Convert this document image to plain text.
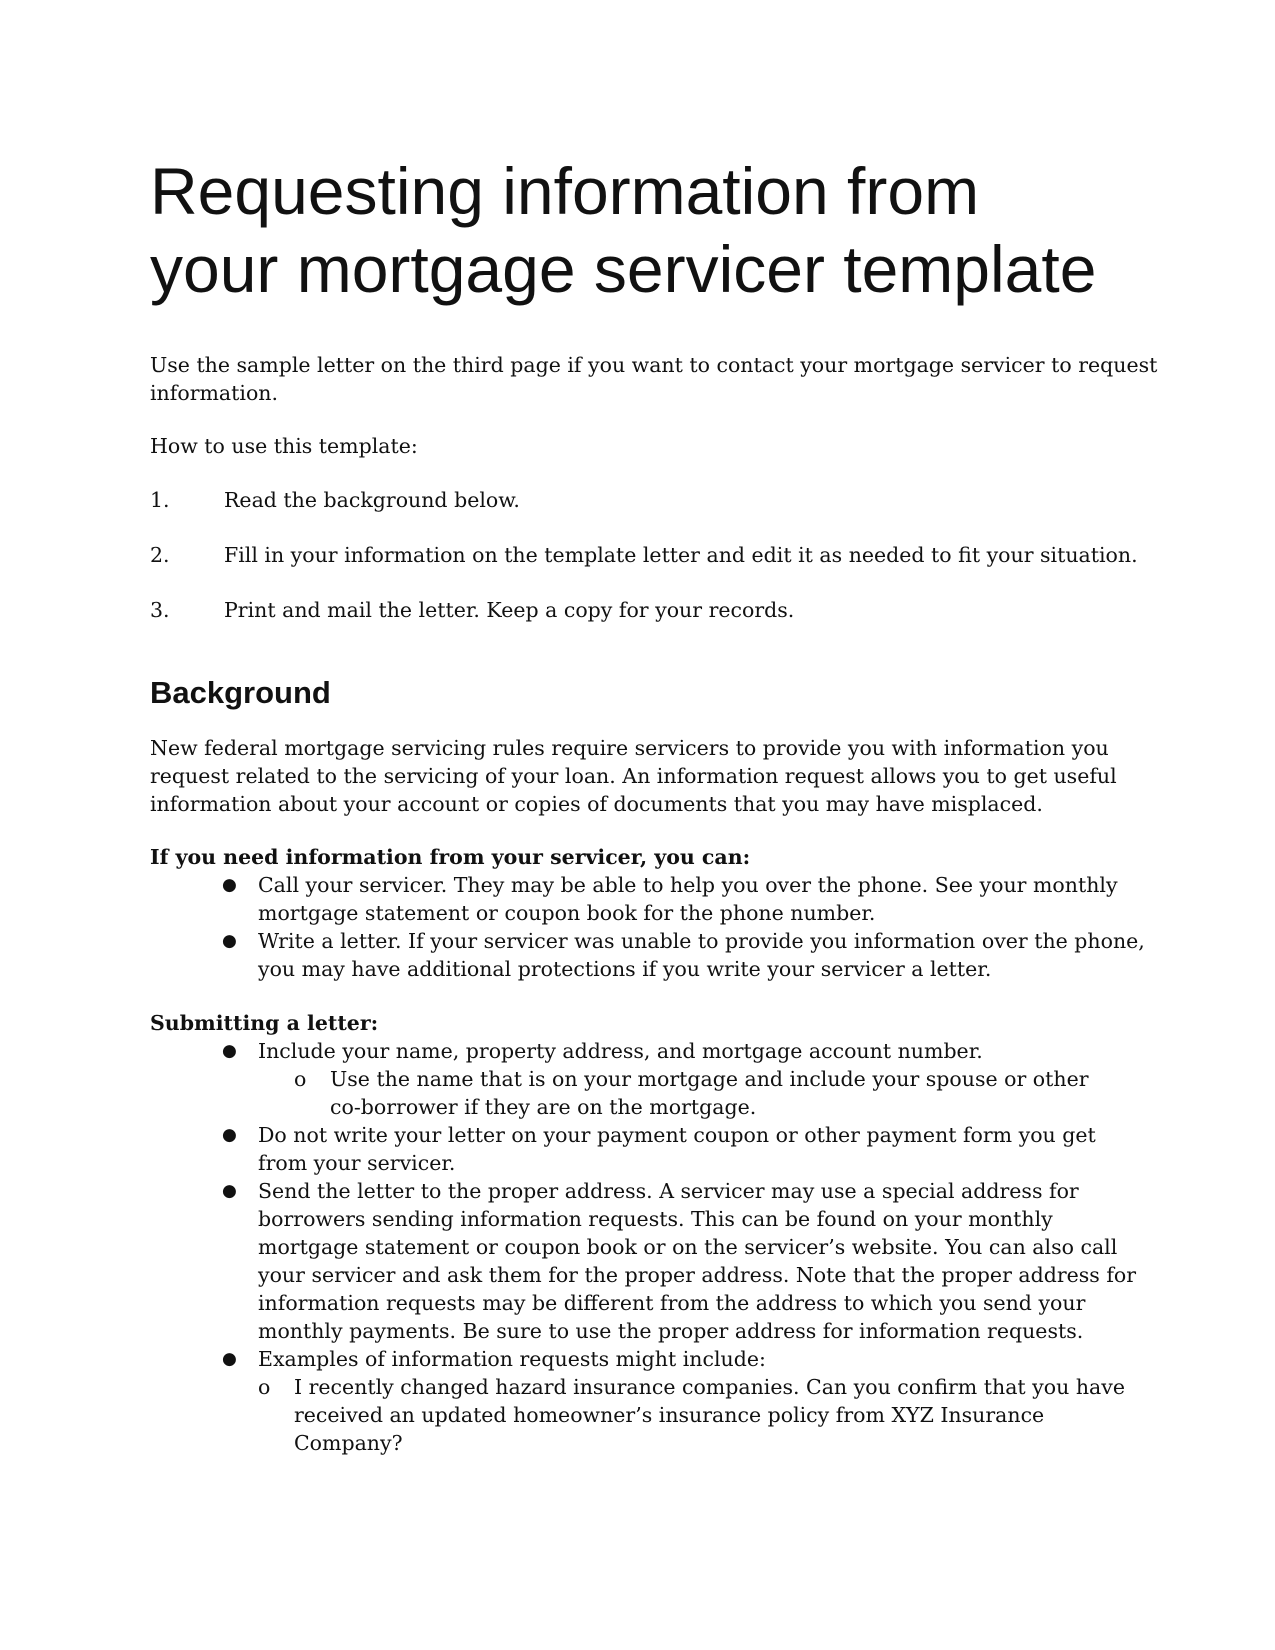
Requesting information from
your mortgage servicer template

Use the sample letter on the third page if you want to contact your mortgage servicer to request
information.

How to use this template:

1.	Read the background below.
2.	Fill in your information on the template letter and edit it as needed to fit your situation.
3.	Print and mail the letter. Keep a copy for your records.
Background

New federal mortgage servicing rules require servicers to provide you with information you
request related to the servicing of your loan. An information request allows you to get useful
information about your account or copies of documents that you may have misplaced.

If you need information from your servicer, you can:

● Call your servicer. They may be able to help you over the phone. See your monthly
mortgage statement or coupon book for the phone number.
● Write a letter. If your servicer was unable to provide you information over the phone,
you may have additional protections if you write your servicer a letter.

Submitting a letter:

● Include your name, property address, and mortgage account number.
o Use the name that is on your mortgage and include your spouse or other
co-borrower if they are on the mortgage.
● Do not write your letter on your payment coupon or other payment form you get
from your servicer.
● Send the letter to the proper address. A servicer may use a special address for
borrowers sending information requests. This can be found on your monthly
mortgage statement or coupon book or on the servicer’s website. You can also call
your servicer and ask them for the proper address. Note that the proper address for
information requests may be different from the address to which you send your
monthly payments. Be sure to use the proper address for information requests.
● Examples of information requests might include:
o I recently changed hazard insurance companies. Can you confirm that you have
received an updated homeowner’s insurance policy from XYZ Insurance
Company?
